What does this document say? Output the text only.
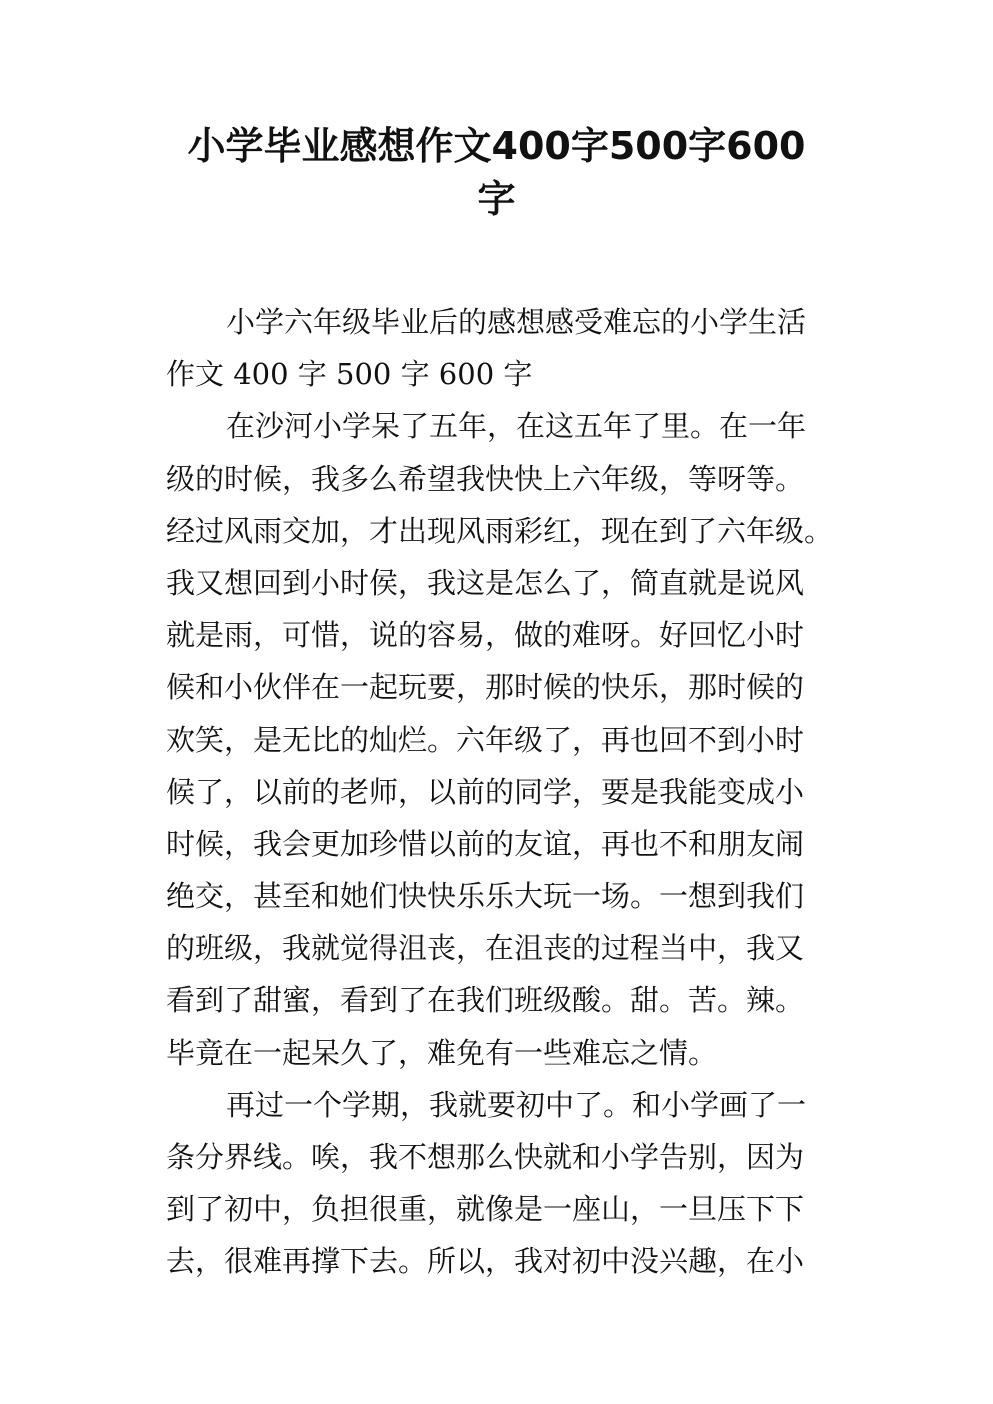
小学毕业感想作文400字500字600
字
小学六年级毕业后的感想感受难忘的小学生活
作文 400 字 500 字 600 字
在沙河小学呆了五年，在这五年了里。在一年
级的时候，我多么希望我快快上六年级，等呀等。
经过风雨交加，才出现风雨彩红，现在到了六年级。
我又想回到小时侯，我这是怎么了，简直就是说风
就是雨，可惜，说的容易，做的难呀。好回忆小时
候和小伙伴在一起玩要，那时候的快乐，那时候的
欢笑，是无比的灿烂。六年级了，再也回不到小时
候了，以前的老师，以前的同学，要是我能变成小
时候，我会更加珍惜以前的友谊，再也不和朋友闹
绝交，甚至和她们快快乐乐大玩一场。一想到我们
的班级，我就觉得沮丧，在沮丧的过程当中，我又
看到了甜蜜，看到了在我们班级酸。甜。苦。辣。
毕竟在一起呆久了，难免有一些难忘之情。
再过一个学期，我就要初中了。和小学画了一
条分界线。唉，我不想那么快就和小学告别，因为
到了初中，负担很重，就像是一座山，一旦压下下
去，很难再撑下去。所以，我对初中没兴趣，在小
